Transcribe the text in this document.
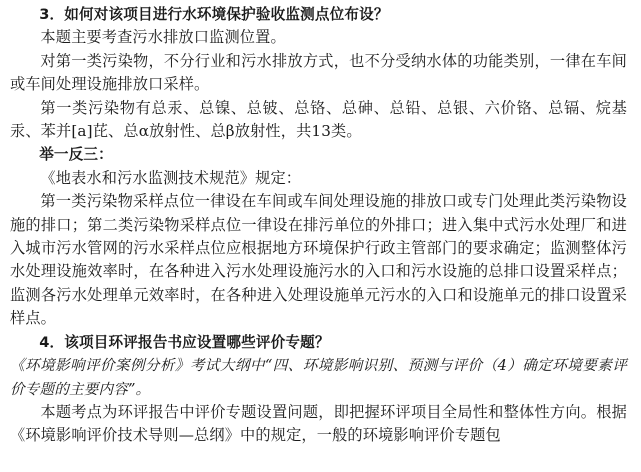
3．如何对该项目进行水环境保护验收监测点位布设？

本题主要考查污水排放口监测位置。

对第一类污染物，不分行业和污水排放方式，也不分受纳水体的功能类别，一律在车间或车间处理设施排放口采样。

第一类污染物有总汞、总镍、总铍、总铬、总砷、总铅、总银、六价铬、总镉、烷基汞、苯并[a]芘、总α放射性、总β放射性，共13类。

举一反三：

《地表水和污水监测技术规范》规定：

第一类污染物采样点位一律设在车间或车间处理设施的排放口或专门处理此类污染物设施的排口；第二类污染物采样点位一律设在排污单位的外排口；进入集中式污水处理厂和进入城市污水管网的污水采样点位应根据地方环境保护行政主管部门的要求确定；监测整体污水处理设施效率时，在各种进入污水处理设施污水的入口和污水设施的总排口设置采样点；监测各污水处理单元效率时，在各种进入处理设施单元污水的入口和设施单元的排口设置采样点。

4．该项目环评报告书应设置哪些评价专题？

《环境影响评价案例分析》考试大纲中“四、环境影响识别、预测与评价（4）确定环境要素评价专题的主要内容”。

本题考点为环评报告中评价专题设置问题，即把握环评项目全局性和整体性方向。根据《环境影响评价技术导则—总纲》中的规定，一般的环境影响评价专题包
